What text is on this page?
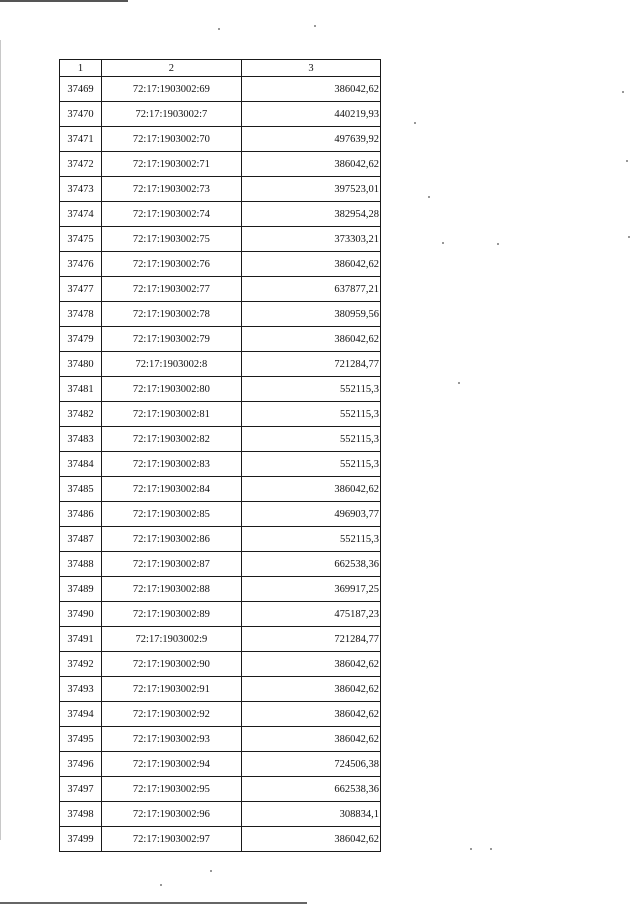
1	2	3
37469	72:17:1903002:69	386042,62
37470	72:17:1903002:7	440219,93
37471	72:17:1903002:70	497639,92
37472	72:17:1903002:71	386042,62
37473	72:17:1903002:73	397523,01
37474	72:17:1903002:74	382954,28
37475	72:17:1903002:75	373303,21
37476	72:17:1903002:76	386042,62
37477	72:17:1903002:77	637877,21
37478	72:17:1903002:78	380959,56
37479	72:17:1903002:79	386042,62
37480	72:17:1903002:8	721284,77
37481	72:17:1903002:80	552115,3
37482	72:17:1903002:81	552115,3
37483	72:17:1903002:82	552115,3
37484	72:17:1903002:83	552115,3
37485	72:17:1903002:84	386042,62
37486	72:17:1903002:85	496903,77
37487	72:17:1903002:86	552115,3
37488	72:17:1903002:87	662538,36
37489	72:17:1903002:88	369917,25
37490	72:17:1903002:89	475187,23
37491	72:17:1903002:9	721284,77
37492	72:17:1903002:90	386042,62
37493	72:17:1903002:91	386042,62
37494	72:17:1903002:92	386042,62
37495	72:17:1903002:93	386042,62
37496	72:17:1903002:94	724506,38
37497	72:17:1903002:95	662538,36
37498	72:17:1903002:96	308834,1
37499	72:17:1903002:97	386042,62
